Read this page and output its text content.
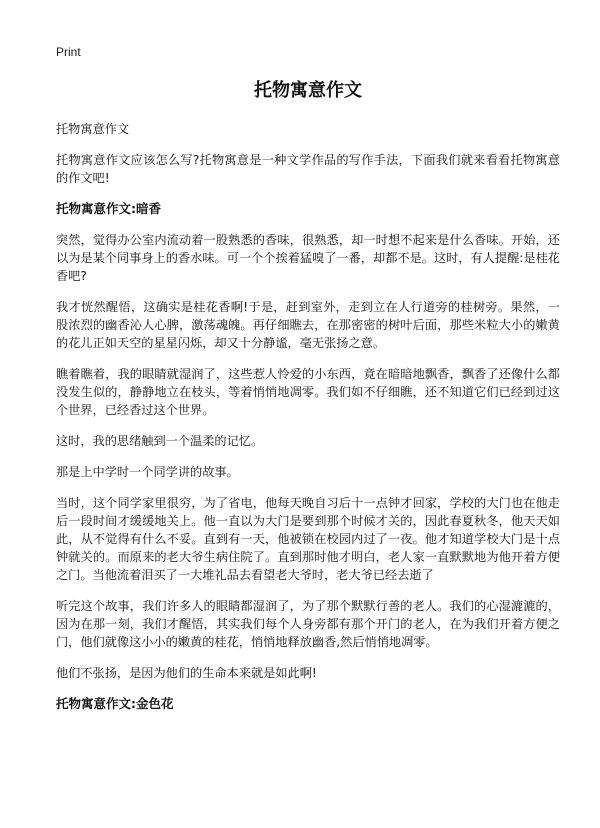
Print
托物寓意作文

托物寓意作文

托物寓意作文应该怎么写?托物寓意是一种文学作品的写作手法，下面我们就来看看托物寓意的作文吧!

托物寓意作文:暗香

突然，觉得办公室内流动着一股熟悉的香味，很熟悉，却一时想不起来是什么香味。开始，还以为是某个同事身上的香水味。可一个个挨着猛嗅了一番，却都不是。这时，有人提醒:是桂花香吧?

我才恍然醒悟，这确实是桂花香啊!于是，赶到室外，走到立在人行道旁的桂树旁。果然，一股浓烈的幽香沁人心脾，激荡魂魄。再仔细瞧去，在那密密的树叶后面，那些米粒大小的嫩黄的花儿正如天空的星星闪烁，却又十分静谧，毫无张扬之意。

瞧着瞧着，我的眼睛就湿润了，这些惹人怜爱的小东西，竟在暗暗地飘香，飘香了还像什么都没发生似的，静静地立在枝头，等着悄悄地凋零。我们如不仔细瞧，还不知道它们已经到过这个世界，已经香过这个世界。

这时，我的思绪触到一个温柔的记忆。

那是上中学时一个同学讲的故事。

当时，这个同学家里很穷，为了省电，他每天晚自习后十一点钟才回家，学校的大门也在他走后一段时间才缓缓地关上。他一直以为大门是要到那个时候才关的，因此春夏秋冬，他天天如此，从不觉得有什么不妥。直到有一天，他被锁在校园内过了一夜。他才知道学校大门是十点钟就关的。而原来的老大爷生病住院了。直到那时他才明白，老人家一直默默地为他开着方便之门。当他流着泪买了一大堆礼品去看望老大爷时，老大爷已经去逝了

听完这个故事，我们许多人的眼睛都湿润了，为了那个默默行善的老人。我们的心湿漉漉的，因为在那一刻，我们才醒悟，其实我们每个人身旁都有那个开门的老人，在为我们开着方便之门，他们就像这小小的嫩黄的桂花，悄悄地释放幽香,然后悄悄地凋零。

他们不张扬，是因为他们的生命本来就是如此啊!

托物寓意作文:金色花
